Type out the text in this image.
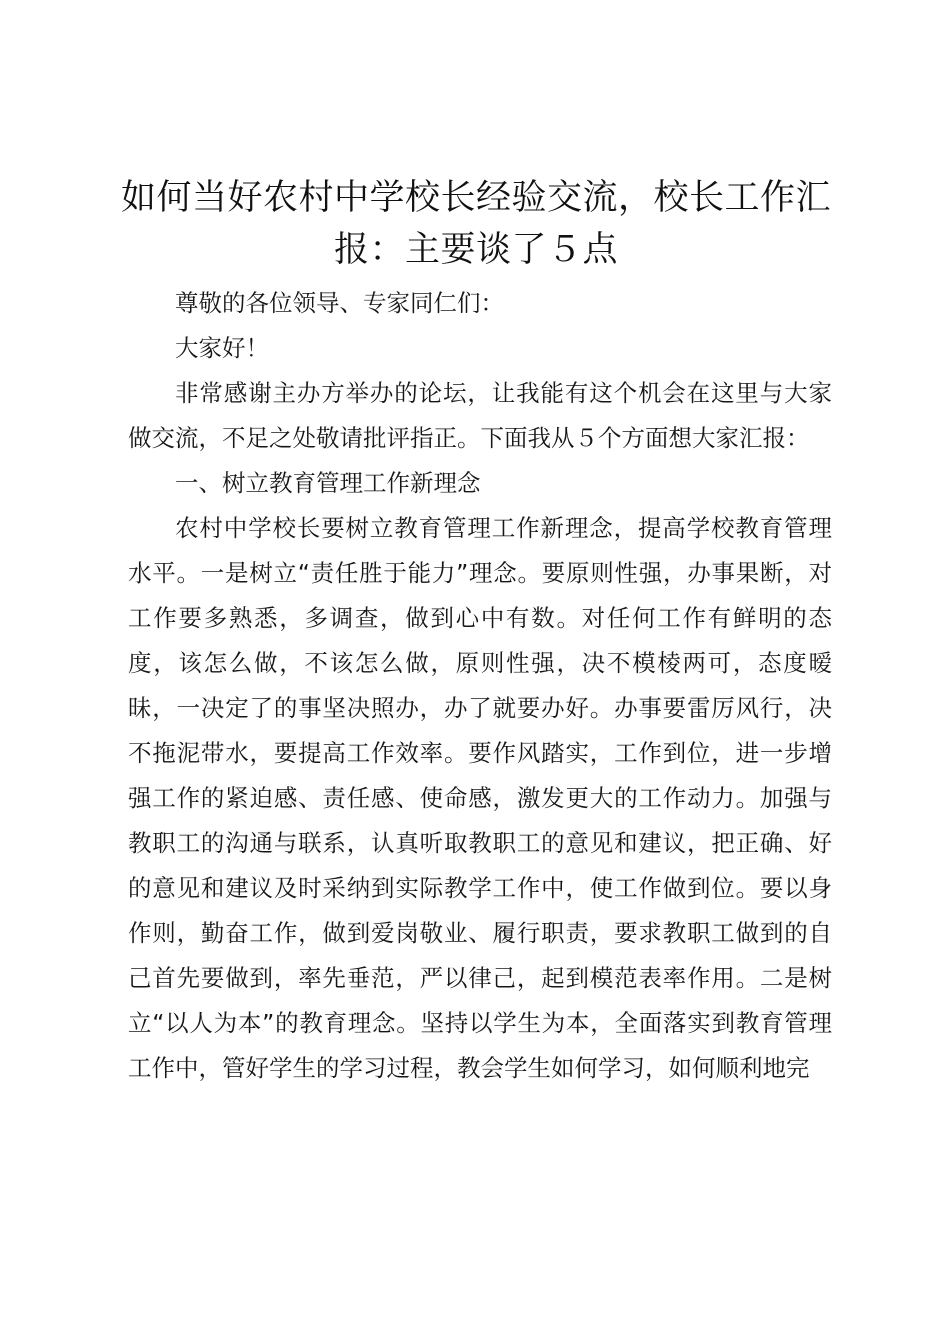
如何当好农村中学校长经验交流，校长工作汇报：主要谈了５点

尊敬的各位领导、专家同仁们：

大家好！

非常感谢主办方举办的论坛，让我能有这个机会在这里与大家做交流，不足之处敬请批评指正。下面我从５个方面想大家汇报：

一、树立教育管理工作新理念

农村中学校长要树立教育管理工作新理念，提高学校教育管理水平。一是树立“责任胜于能力”理念。要原则性强，办事果断，对工作要多熟悉，多调查，做到心中有数。对任何工作有鲜明的态度，该怎么做，不该怎么做，原则性强，决不模棱两可，态度暧昧，一决定了的事坚决照办，办了就要办好。办事要雷厉风行，决不拖泥带水，要提高工作效率。要作风踏实，工作到位，进一步增强工作的紧迫感、责任感、使命感，激发更大的工作动力。加强与教职工的沟通与联系，认真听取教职工的意见和建议，把正确、好的意见和建议及时采纳到实际教学工作中，使工作做到位。要以身作则，勤奋工作，做到爱岗敬业、履行职责，要求教职工做到的自己首先要做到，率先垂范，严以律己，起到模范表率作用。二是树立“以人为本”的教育理念。坚持以学生为本，全面落实到教育管理工作中，管好学生的学习过程，教会学生如何学习，如何顺利地完
